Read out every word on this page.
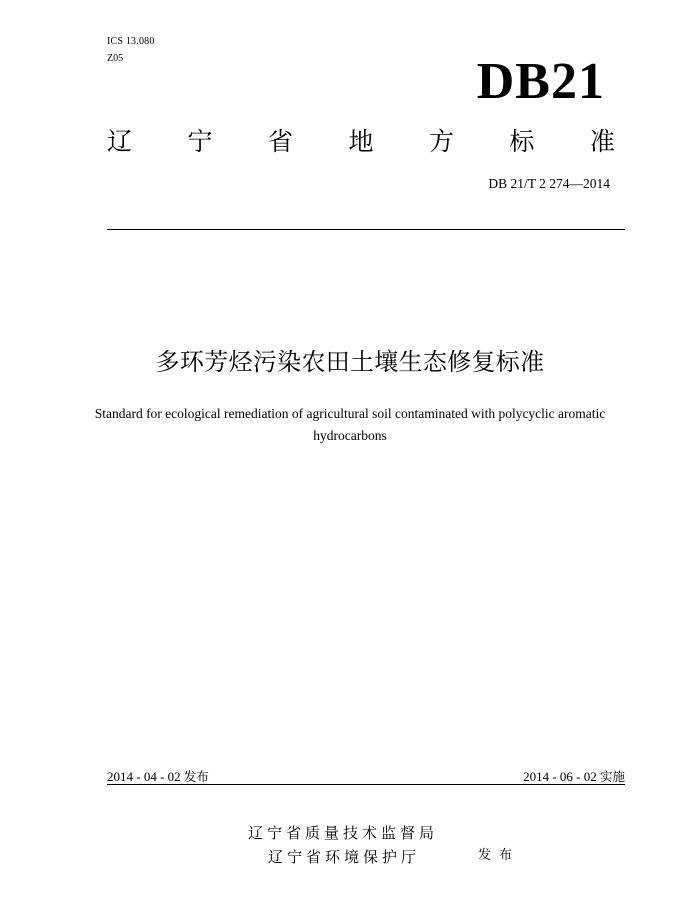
ICS 13.080
Z05	DB21
辽 宁 省 地 方 标 准
DB 21/T 2 274—2014
多环芳烃污染农田土壤生态修复标准
Standard for ecological remediation of agricultural soil contaminated with polycyclic aromatic hydrocarbons
2014 - 04 - 02 发布	2014 - 06 - 02 实施
辽宁省质量技术监督局
辽宁省环境保护厅	发布
